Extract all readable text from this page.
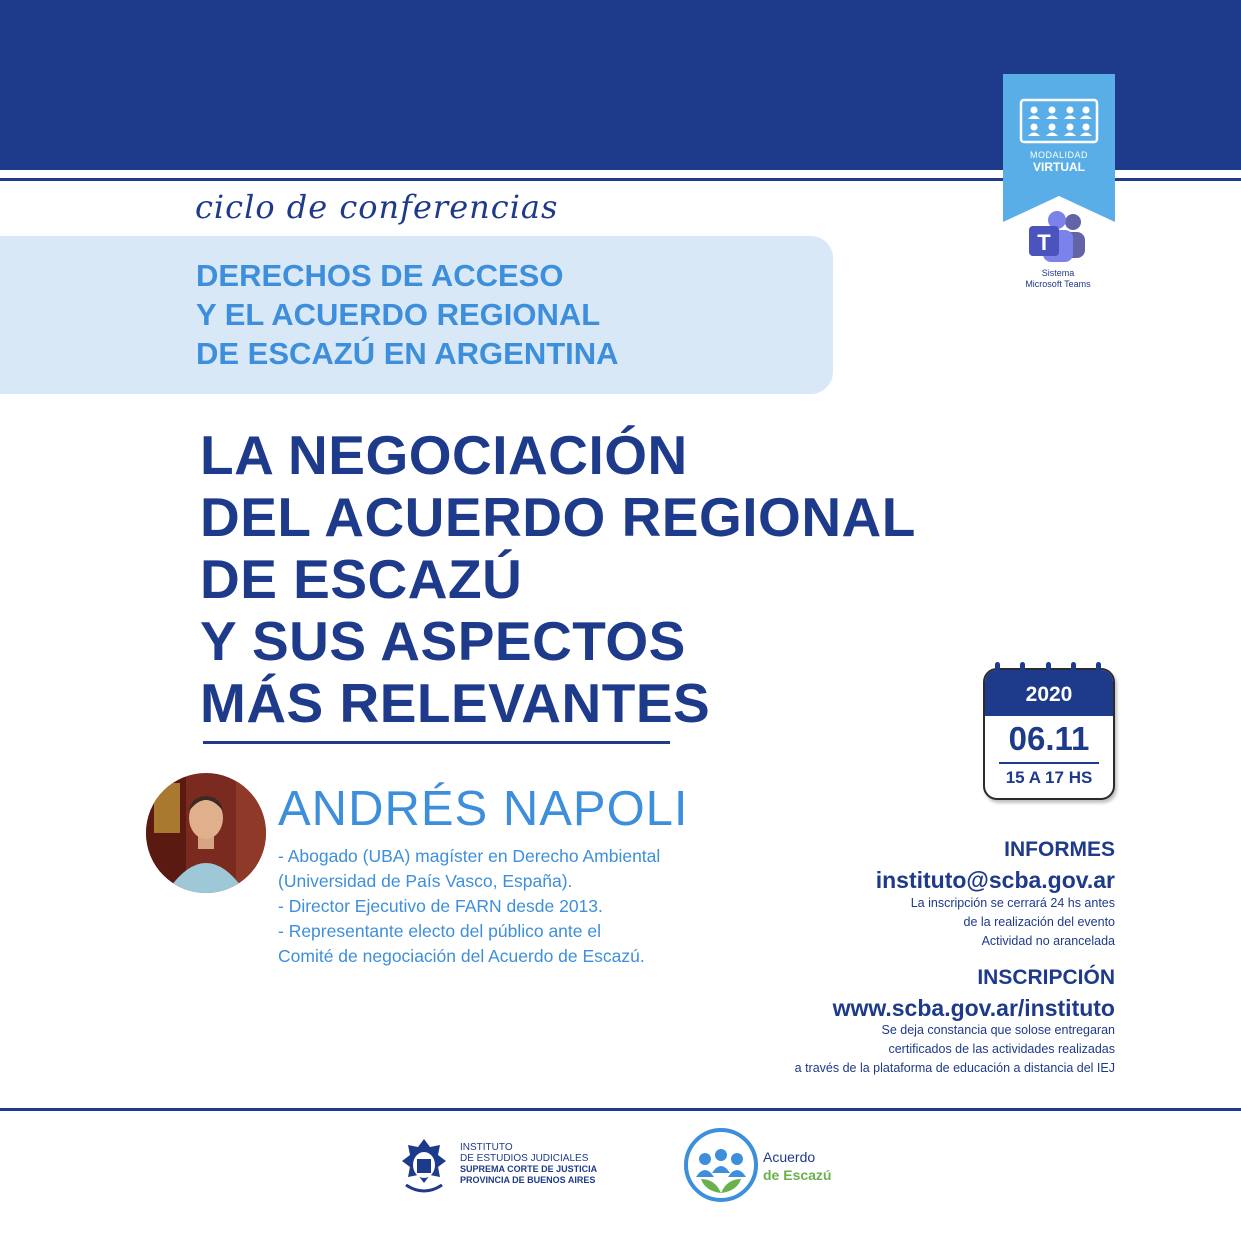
MODALIDAD
VIRTUAL
T
Sistema
Microsoft Teams
ciclo de conferencias
DERECHOS DE ACCESO
Y EL ACUERDO REGIONAL
DE ESCAZÚ EN ARGENTINA
LA NEGOCIACIÓN
DEL ACUERDO REGIONAL
DE ESCAZÚ
Y SUS ASPECTOS
MÁS RELEVANTES	2020
06.11
15 A 17 HS
ANDRÉS NAPOLI
- Abogado (UBA) magíster en Derecho Ambiental
(Universidad de País Vasco, España).
- Director Ejecutivo de FARN desde 2013.
- Representante electo del público ante el
Comité de negociación del Acuerdo de Escazú.
INFORMES
instituto@scba.gov.ar
La inscripción se cerrará 24 hs antes
de la realización del evento
Actividad no arancelada
INSCRIPCIÓN
www.scba.gov.ar/instituto
Se deja constancia que solose entregaran
certificados de las actividades realizadas
a través de la plataforma de educación a distancia del IEJ
INSTITUTO
DE ESTUDIOS JUDICIALES
SUPREMA CORTE DE JUSTICIA
PROVINCIA DE BUENOS AIRES
Acuerdo
de Escazú
